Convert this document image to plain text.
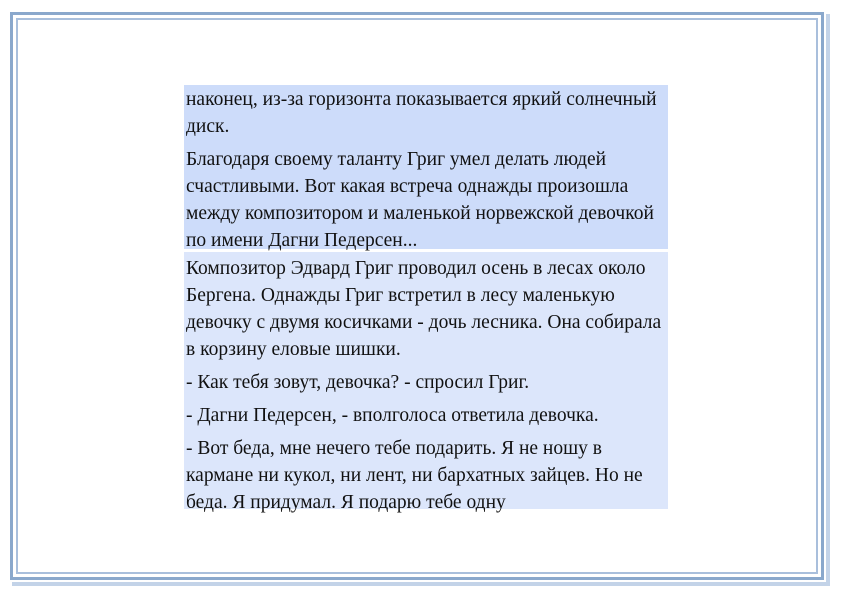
наконец, из-за горизонта показывается яркий солнечный диск.

Благодаря своему таланту Григ умел делать людей счастливыми. Вот какая встреча однажды произошла между композитором и маленькой норвежской девочкой по имени Дагни Педерсен...

Композитор Эдвард Григ проводил осень в лесах около Бергена. Однажды Григ встретил в лесу маленькую девочку с двумя косичками - дочь лесника. Она собирала в корзину еловые шишки.

- Как тебя зовут, девочка? - спросил Григ.

- Дагни Педерсен, - вполголоса ответила девочка.

- Вот беда, мне нечего тебе подарить. Я не ношу в кармане ни кукол, ни лент, ни бархатных зайцев. Но не беда. Я придумал. Я подарю тебе одну
